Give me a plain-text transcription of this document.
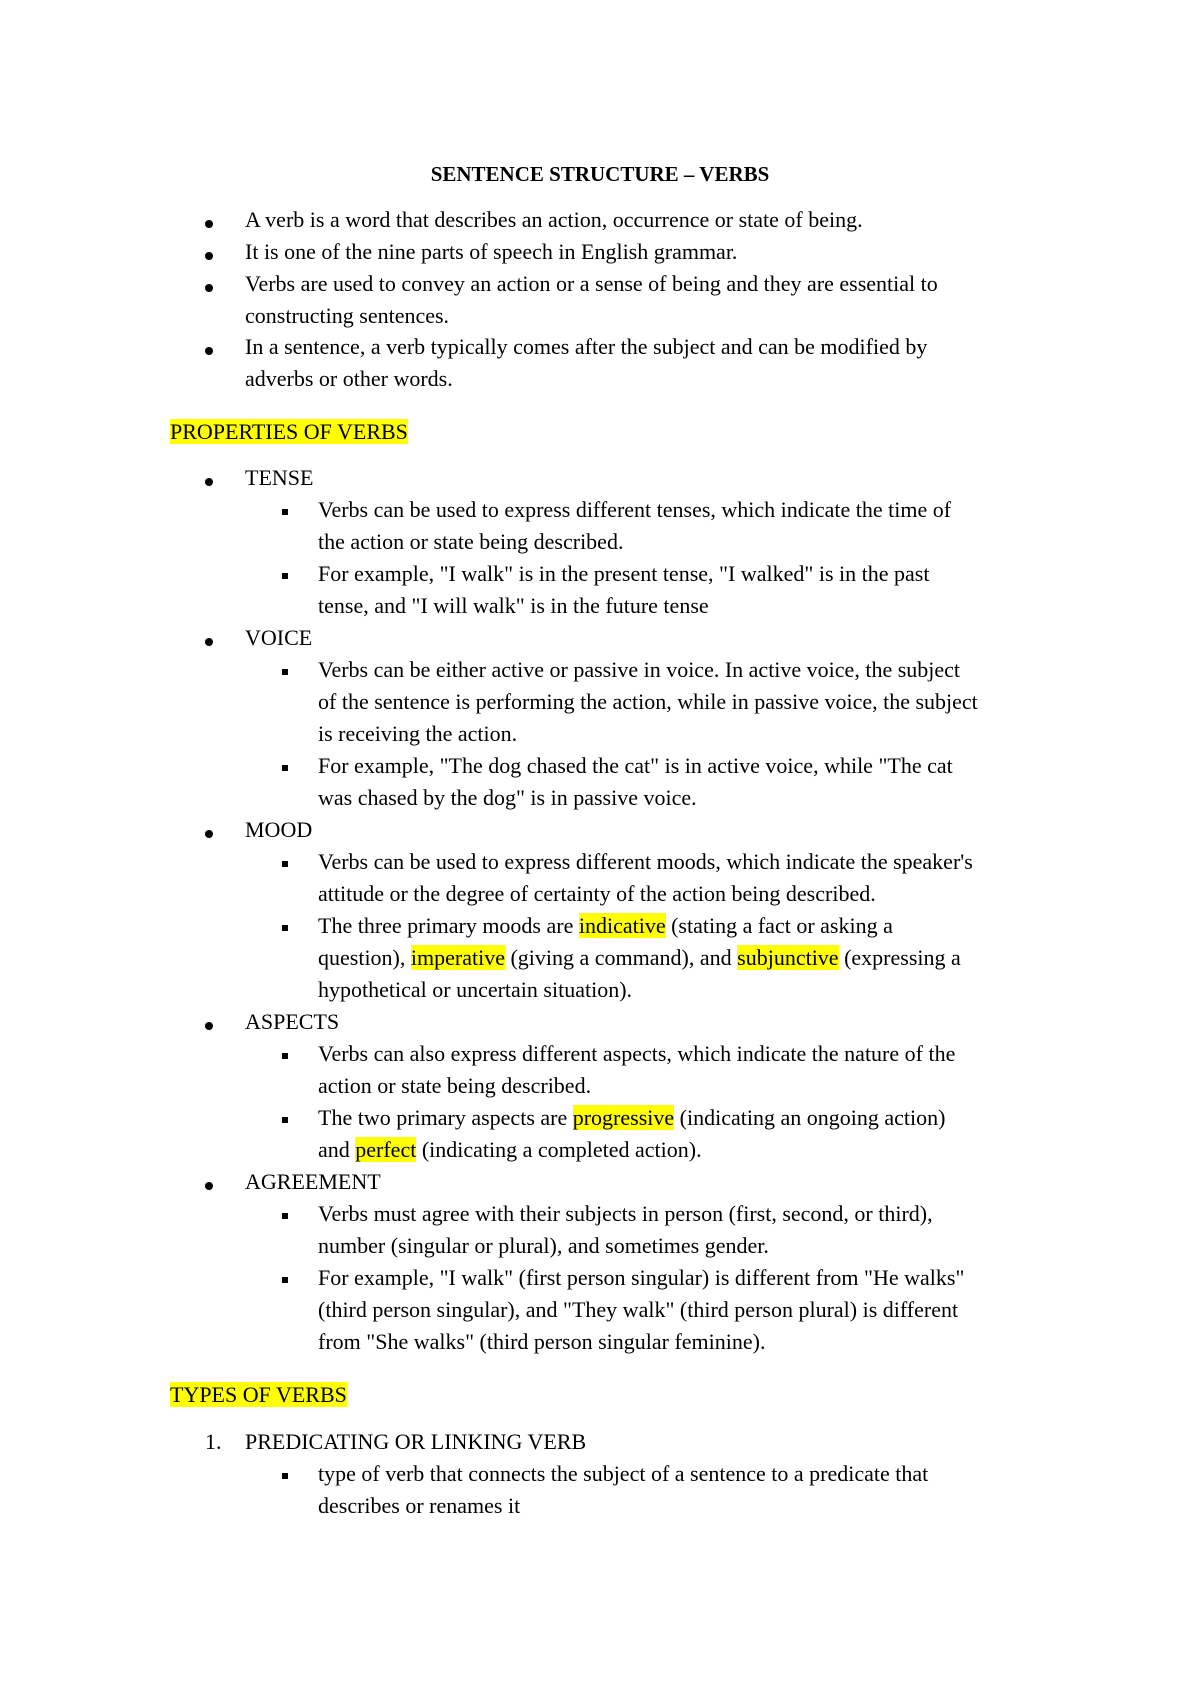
SENTENCE STRUCTURE – VERBS
A verb is a word that describes an action, occurrence or state of being.
It is one of the nine parts of speech in English grammar.
Verbs are used to convey an action or a sense of being and they are essential to
constructing sentences.
In a sentence, a verb typically comes after the subject and can be modified by
adverbs or other words.
PROPERTIES OF VERBS
TENSE
Verbs can be used to express different tenses, which indicate the time of
the action or state being described.
For example, "I walk" is in the present tense, "I walked" is in the past
tense, and "I will walk" is in the future tense
VOICE
Verbs can be either active or passive in voice. In active voice, the subject
of the sentence is performing the action, while in passive voice, the subject
is receiving the action.
For example, "The dog chased the cat" is in active voice, while "The cat
was chased by the dog" is in passive voice.
MOOD
Verbs can be used to express different moods, which indicate the speaker's
attitude or the degree of certainty of the action being described.
The three primary moods are indicative (stating a fact or asking a
question), imperative (giving a command), and subjunctive (expressing a
hypothetical or uncertain situation).
ASPECTS
Verbs can also express different aspects, which indicate the nature of the
action or state being described.
The two primary aspects are progressive (indicating an ongoing action)
and perfect (indicating a completed action).
AGREEMENT
Verbs must agree with their subjects in person (first, second, or third),
number (singular or plural), and sometimes gender.
For example, "I walk" (first person singular) is different from "He walks"
(third person singular), and "They walk" (third person plural) is different
from "She walks" (third person singular feminine).
TYPES OF VERBS
1. PREDICATING OR LINKING VERB
type of verb that connects the subject of a sentence to a predicate that
describes or renames it
